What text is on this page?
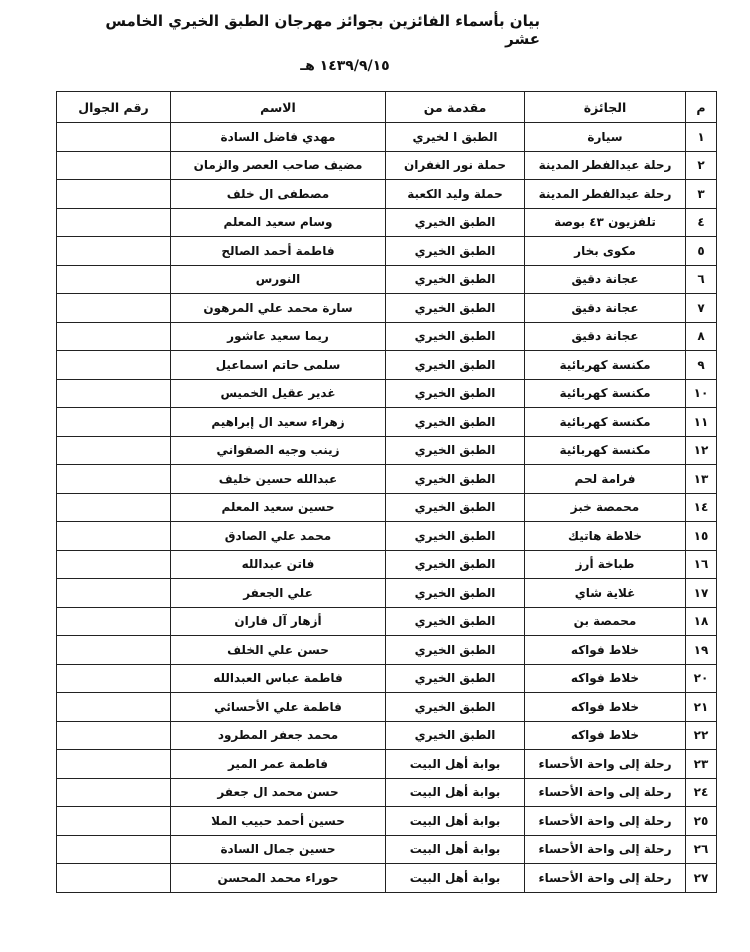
بيان بأسماء الفائزين بجوائز مهرجان الطبق الخيري الخامس عشر
١٤٣٩/٩/١٥ هـ
م	الجائزة	مقدمة من	الاسم	رقم الجوال
١	سيارة	الطبق ا لخيري	مهدي فاضل السادة	
٢	رحلة عيدالفطر المدينة	حملة نور الغفران	مضيف صاحب العصر والزمان	
٣	رحلة عيدالفطر المدينة	حملة وليد الكعبة	مصطفى ال خلف	
٤	تلفزيون ٤٣ بوصة	الطبق الخيري	وسام سعيد المعلم	
٥	مكوى بخار	الطبق الخيري	فاطمة أحمد الصالح	
٦	عجانة دقيق	الطبق الخيري	النورس	
٧	عجانة دقيق	الطبق الخيري	سارة محمد علي المرهون	
٨	عجانة دقيق	الطبق الخيري	ريما سعيد عاشور	
٩	مكنسة كهربائية	الطبق الخيري	سلمى حاتم اسماعيل	
١٠	مكنسة كهربائية	الطبق الخيري	غدير عقيل الخميس	
١١	مكنسة كهربائية	الطبق الخيري	زهراء سعيد ال إبراهيم	
١٢	مكنسة كهربائية	الطبق الخيري	زينب وجيه الصفواني	
١٣	فرامة لحم	الطبق الخيري	عبدالله حسين خليف	
١٤	محمصة خبز	الطبق الخيري	حسين سعيد المعلم	
١٥	خلاطة هاتيك	الطبق الخيري	محمد علي الصادق	
١٦	طباخة أرز	الطبق الخيري	فاتن عبدالله	
١٧	غلاية شاي	الطبق الخيري	علي الجعفر	
١٨	محمصة بن	الطبق الخيري	أزهار آل فاران	
١٩	خلاط فواكه	الطبق الخيري	حسن علي الخلف	
٢٠	خلاط فواكه	الطبق الخيري	فاطمة عباس العبدالله	
٢١	خلاط فواكه	الطبق الخيري	فاطمة علي الأحسائي	
٢٢	خلاط فواكه	الطبق الخيري	محمد جعفر المطرود	
٢٣	رحلة إلى واحة الأحساء	بوابة أهل البيت	فاطمة عمر المير	
٢٤	رحلة إلى واحة الأحساء	بوابة أهل البيت	حسن محمد ال جعفر	
٢٥	رحلة إلى واحة الأحساء	بوابة أهل البيت	حسين أحمد حبيب الملا	
٢٦	رحلة إلى واحة الأحساء	بوابة أهل البيت	حسين جمال السادة	
٢٧	رحلة إلى واحة الأحساء	بوابة أهل البيت	حوراء محمد المحسن	
